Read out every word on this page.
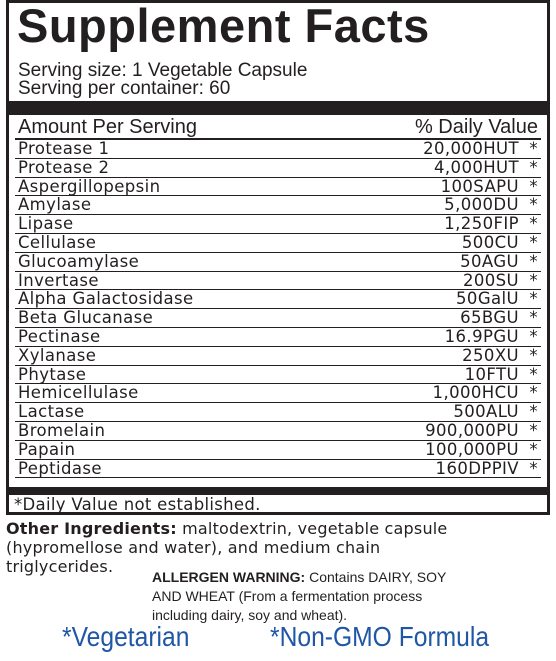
Supplement Facts
Serving size: 1 Vegetable Capsule
Serving per container: 60
Amount Per Serving	% Daily Value
Protease 1	20,000HUT *
Protease 2	4,000HUT *
Aspergillopepsin	100SAPU *
Amylase	5,000DU *
Lipase	1,250FIP *
Cellulase	500CU *
Glucoamylase	50AGU *
Invertase	200SU *
Alpha Galactosidase	50GalU *
Beta Glucanase	65BGU *
Pectinase	16.9PGU *
Xylanase	250XU *
Phytase	10FTU *
Hemicellulase	1,000HCU *
Lactase	500ALU *
Bromelain	900,000PU *
Papain	100,000PU *
Peptidase	160DPPIV *
*Daily Value not established.
Other Ingredients: maltodextrin, vegetable capsule
(hypromellose and water), and medium chain
triglycerides.
ALLERGEN WARNING: Contains DAIRY, SOY
AND WHEAT (From a fermentation process
including dairy, soy and wheat).
*Vegetarian	*Non-GMO Formula
